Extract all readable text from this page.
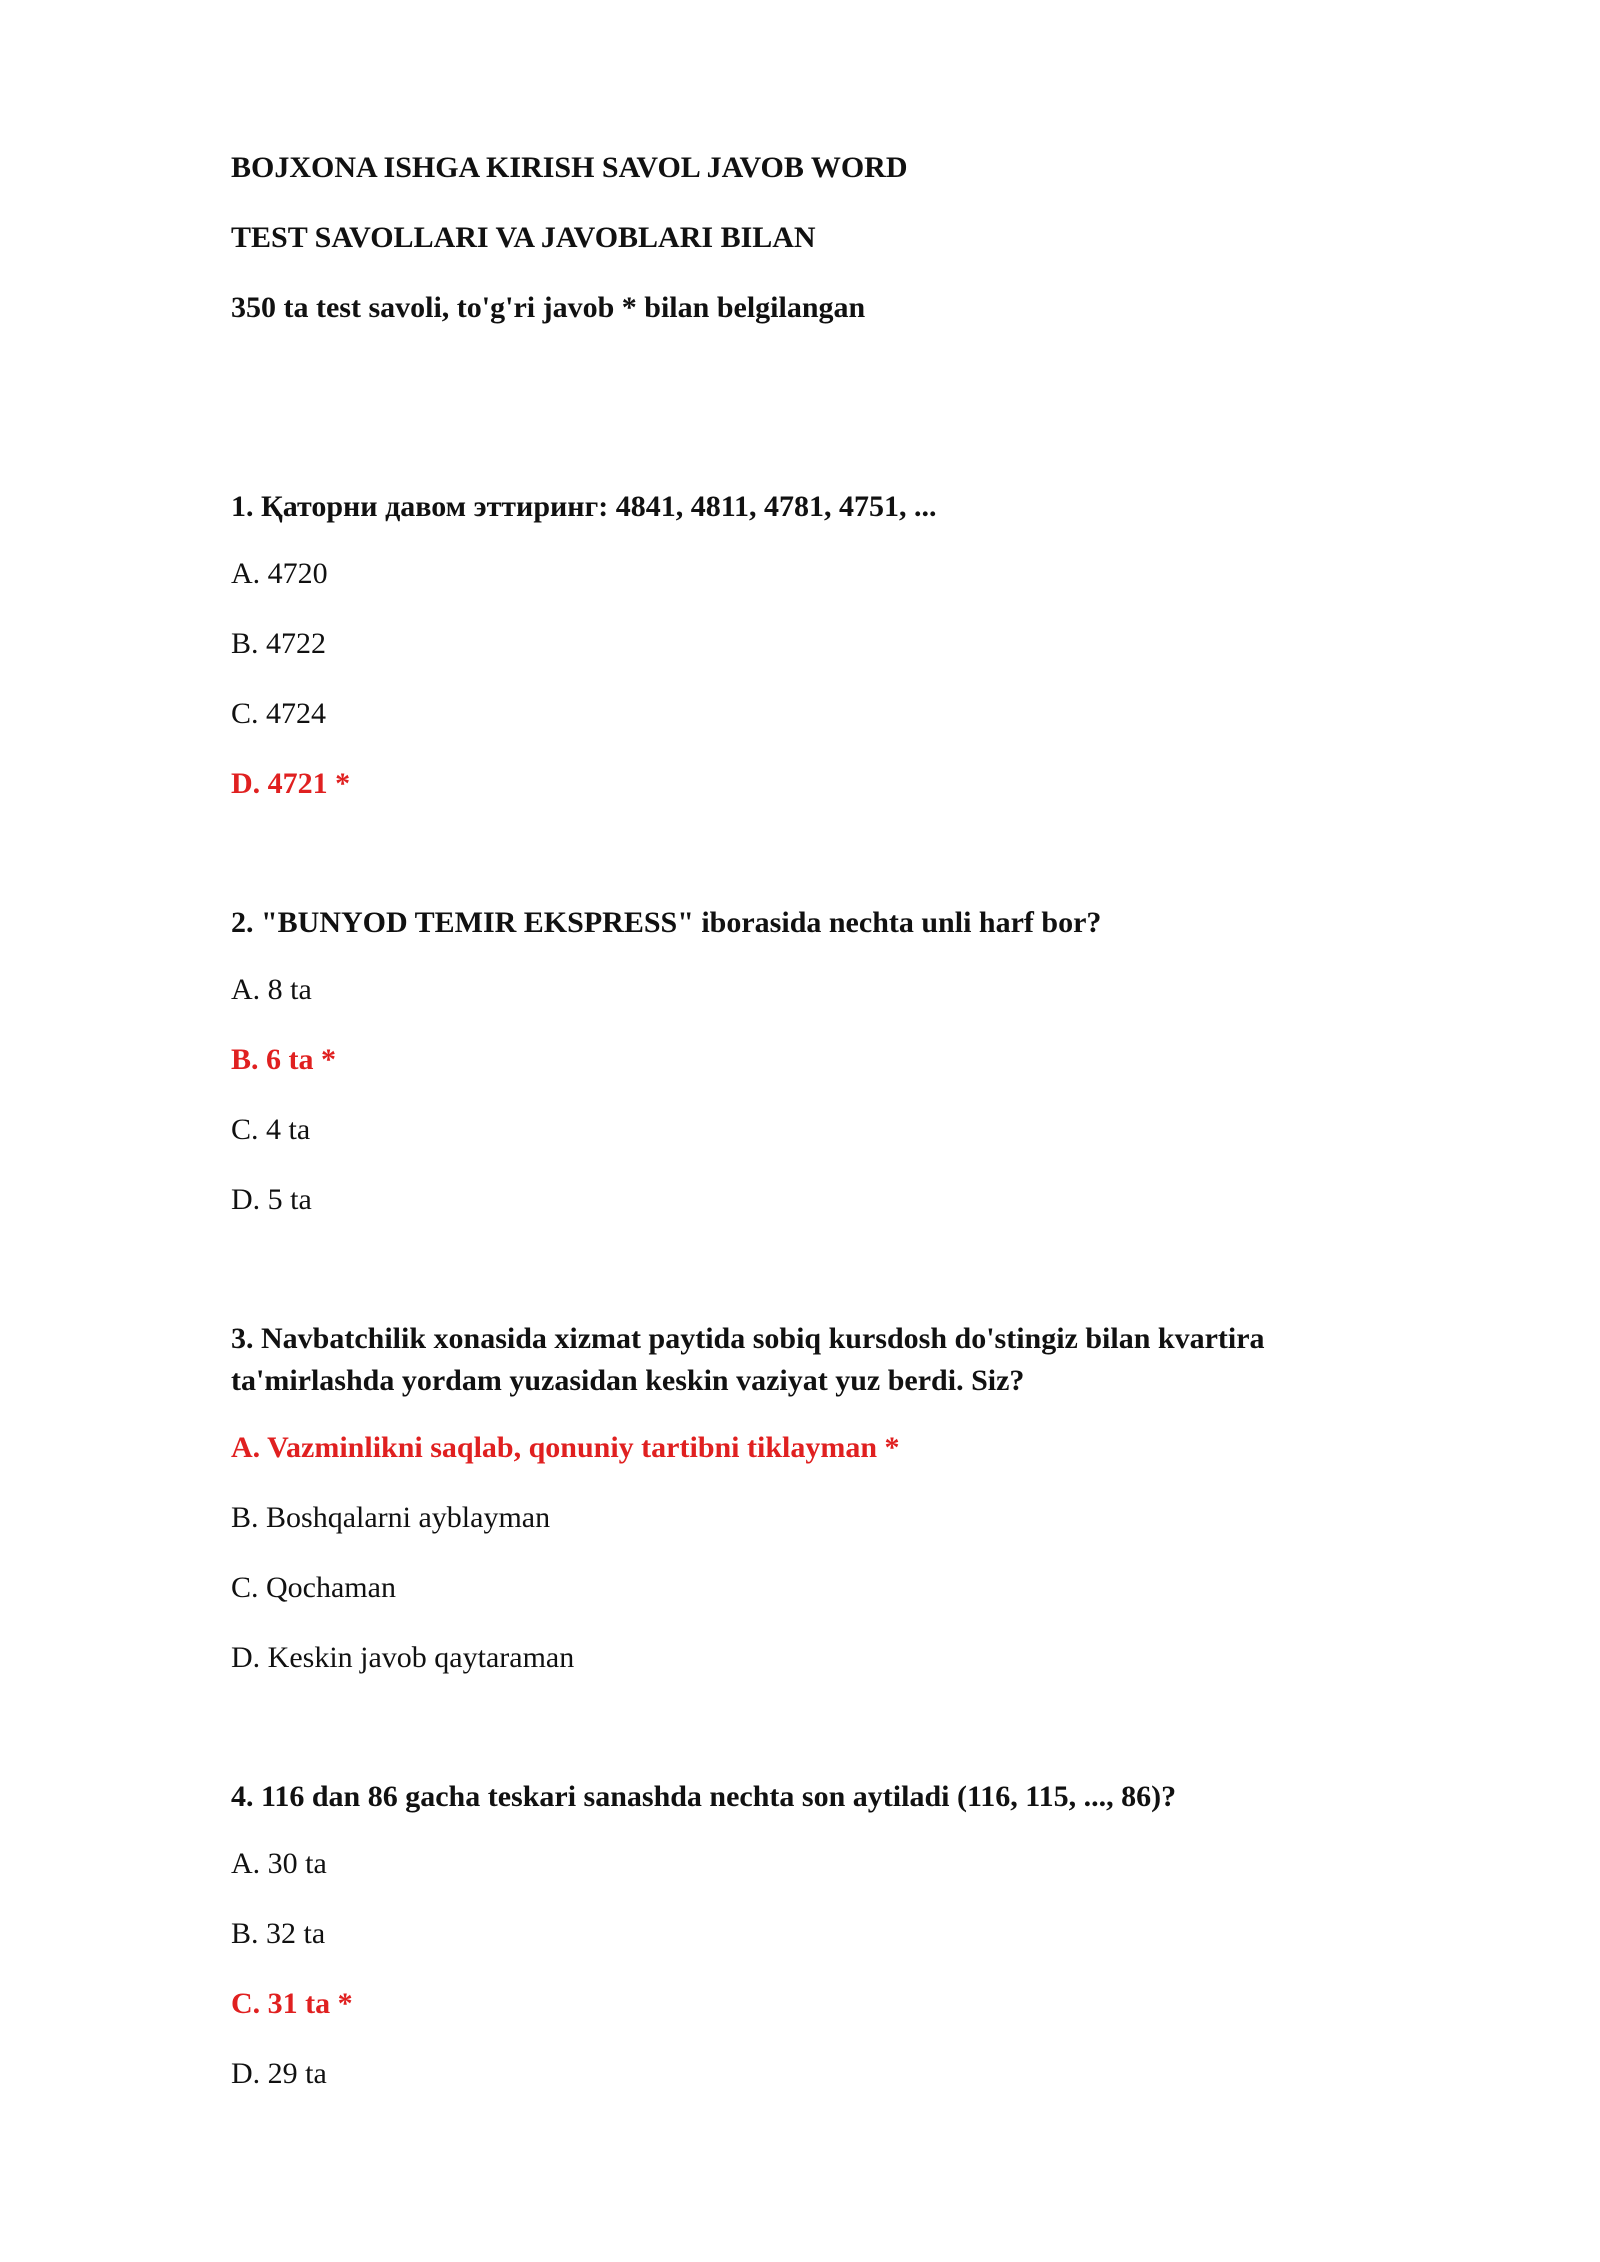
BOJXONA ISHGA KIRISH SAVOL JAVOB WORD
TEST SAVOLLARI VA JAVOBLARI BILAN
350 ta test savoli, to'g'ri javob * bilan belgilangan
1. Қаторни давом эттиринг: 4841, 4811, 4781, 4751, ...
A. 4720
B. 4722
C. 4724
D. 4721 *
2. "BUNYOD TEMIR EKSPRESS" iborasida nechta unli harf bor?
A. 8 ta
B. 6 ta *
C. 4 ta
D. 5 ta
3. Navbatchilik xonasida xizmat paytida sobiq kursdosh do'stingiz bilan kvartira ta'mirlashda yordam yuzasidan keskin vaziyat yuz berdi. Siz?
A. Vazminlikni saqlab, qonuniy tartibni tiklayman *
B. Boshqalarni ayblayman
C. Qochaman
D. Keskin javob qaytaraman
4. 116 dan 86 gacha teskari sanashda nechta son aytiladi (116, 115, ..., 86)?
A. 30 ta
B. 32 ta
C. 31 ta *
D. 29 ta
